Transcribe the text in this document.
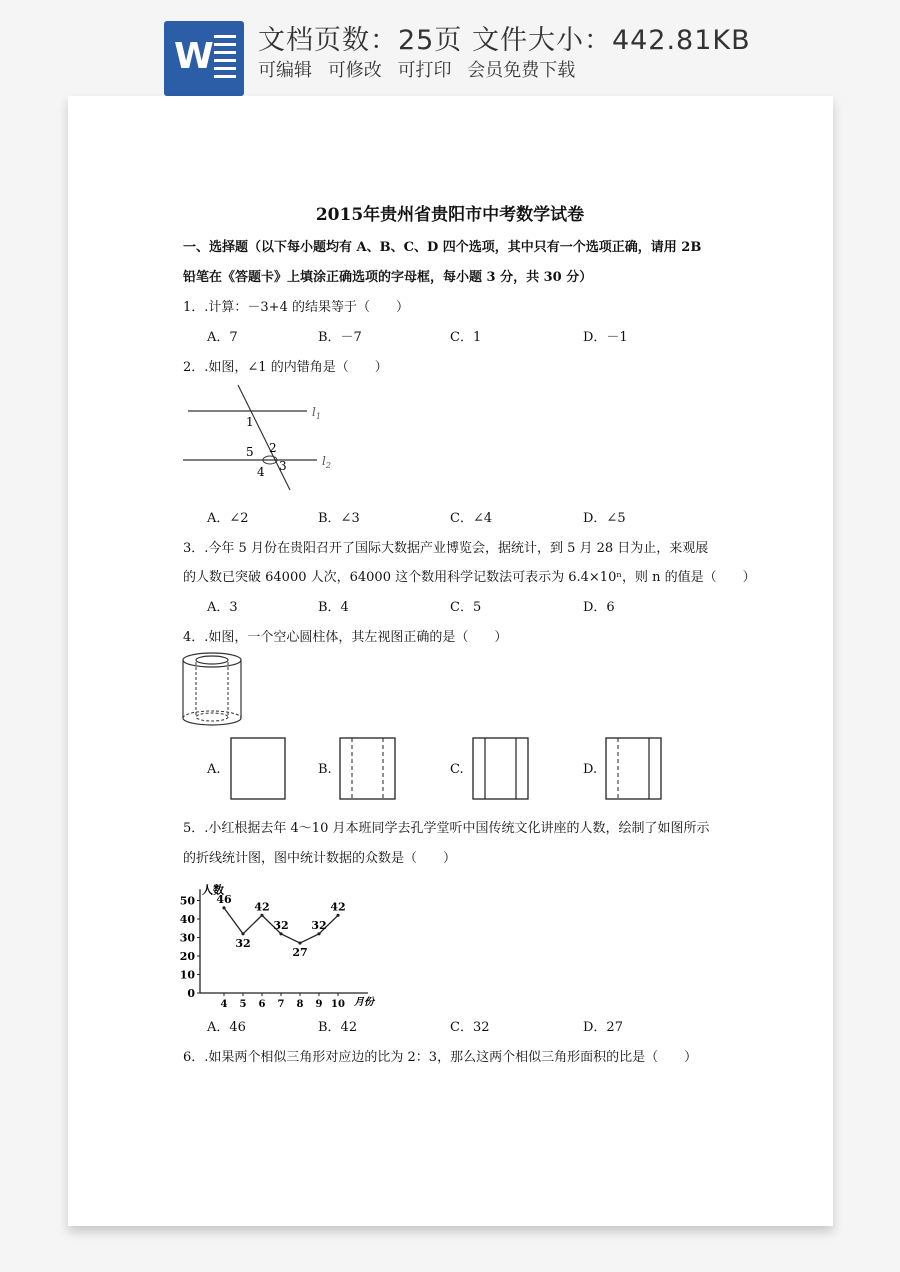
W 文档页数：25页 文件大小：442.81KB
可编辑 可修改 可打印 会员免费下载
2015年贵州省贵阳市中考数学试卷
一、选择题（以下每小题均有 A、B、C、D 四个选项，其中只有一个选项正确，请用 2B
铅笔在《答题卡》上填涂正确选项的字母框，每小题 3 分，共 30 分）
1．.计算：－3+4 的结果等于（　　）
A．7	B．－7	C．1	D．－1
2．.如图，∠1 的内错角是（　　）
$l_1$
$l_2$
1
2
3
4
5
A．∠2	B．∠3	C．∠4	D．∠5
3．.今年 5 月份在贵阳召开了国际大数据产业博览会，据统计，到 5 月 28 日为止，来观展
的人数已突破 64000 人次，64000 这个数用科学记数法可表示为 6.4×10ⁿ，则 n 的值是（　　）
A．3	B．4	C．5	D．6
4．.如图，一个空心圆柱体，其左视图正确的是（　　）
A.	B.	C.	D.
5．.小红根据去年 4～10 月本班同学去孔学堂听中国传统文化讲座的人数，绘制了如图所示
的折线统计图，图中统计数据的众数是（　　）
人数
月份
0
10
20
30
40
50
4 5 6 7 8 9 10
46
32
42
32
27
32
42
A．46	B．42	C．32	D．27
6．.如果两个相似三角形对应边的比为 2：3，那么这两个相似三角形面积的比是（　　）
